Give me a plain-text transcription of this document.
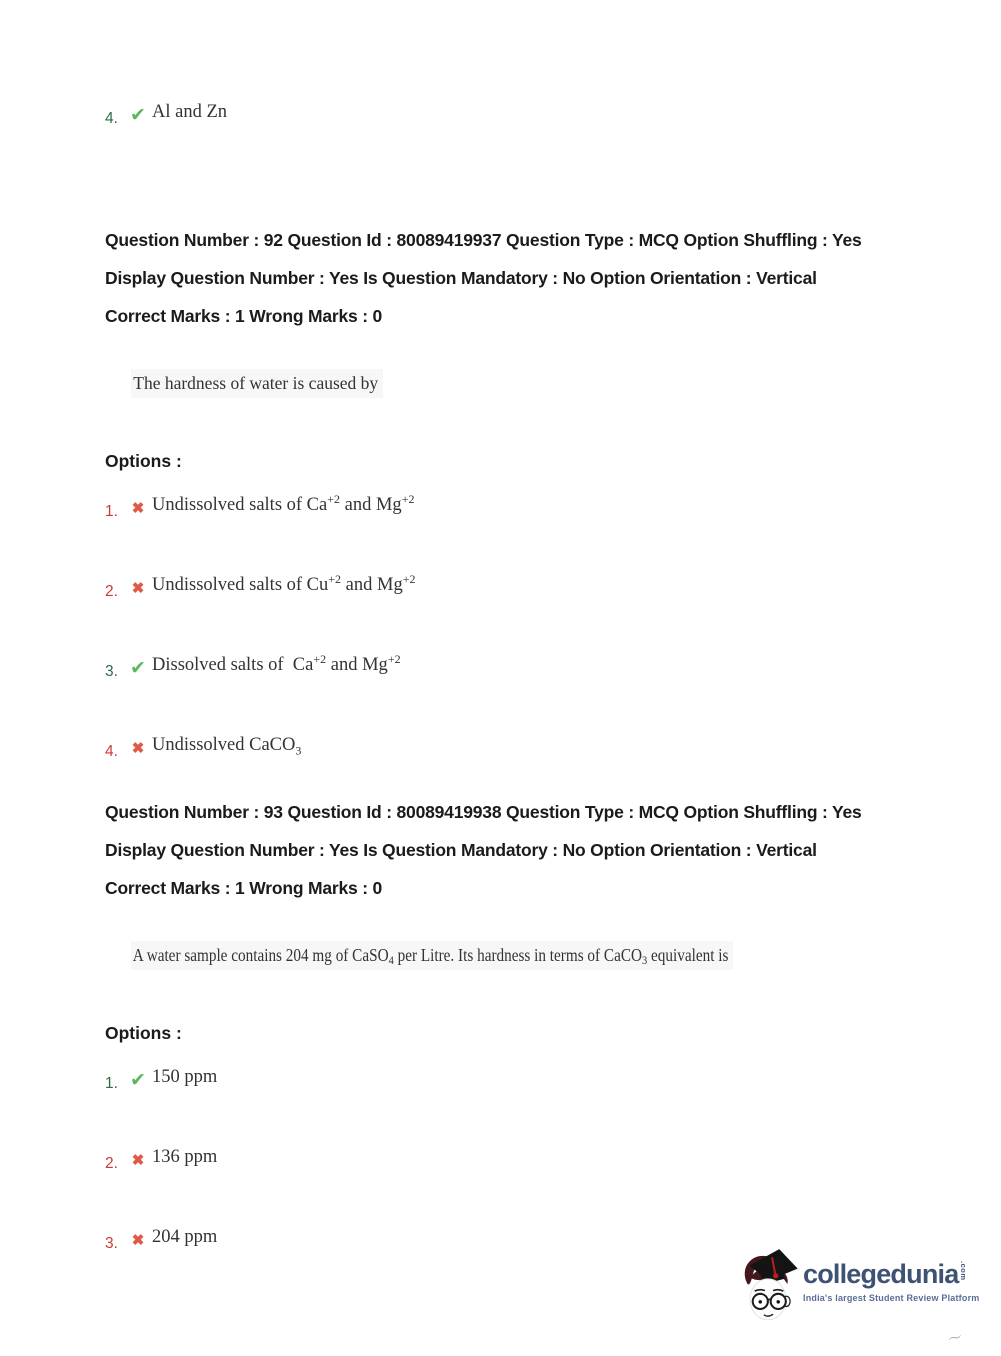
4. ✔ Al and Zn

Question Number : 92 Question Id : 80089419937 Question Type : MCQ Option Shuffling : Yes

Display Question Number : Yes Is Question Mandatory : No Option Orientation : Vertical

Correct Marks : 1 Wrong Marks : 0

The hardness of water is caused by

Options :
1. ✖ Undissolved salts of $Ca^{+2}$ and $Mg^{+2}$
2. ✖ Undissolved salts of $Cu^{+2}$ and $Mg^{+2}$
3. ✔ Dissolved salts of  $Ca^{+2}$ and $Mg^{+2}$
4. ✖ Undissolved CaCO$_3$

Question Number : 93 Question Id : 80089419938 Question Type : MCQ Option Shuffling : Yes

Display Question Number : Yes Is Question Mandatory : No Option Orientation : Vertical

Correct Marks : 1 Wrong Marks : 0

A water sample contains 204 mg of CaSO$_4$ per Litre. Its hardness in terms of CaCO$_3$ equivalent is

Options :
1. ✔ 150 ppm
2. ✖ 136 ppm
3. ✖ 204 ppm
collegedunia.com
India's largest Student Review Platform
〜
